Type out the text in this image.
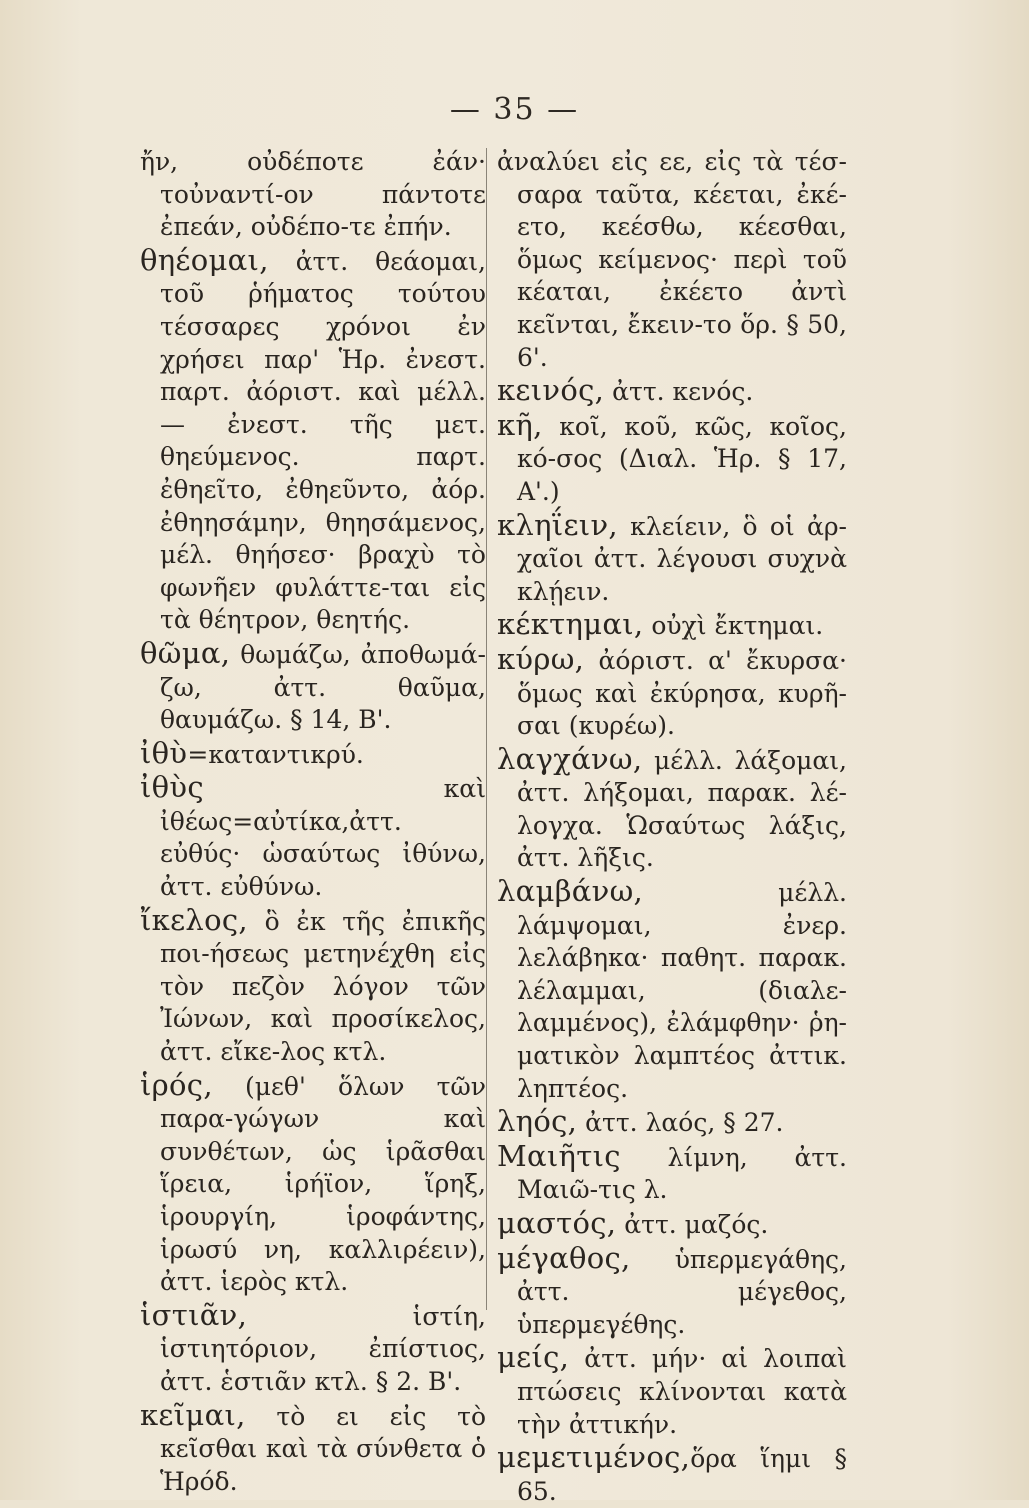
— 35 —

ἤν, οὐδέποτε ἐάν· τοὐναντί-ον πάντοτε ἐπεάν, οὐδέπο-τε ἐπήν.

θηέομαι, ἀττ. θεάομαι, τοῦ ῥήματος τούτου τέσσαρες χρόνοι ἐν χρήσει παρ' Ἡρ. ἐνεστ. παρτ. ἀόριστ. καὶ μέλλ. — ἐνεστ. τῆς μετ. θηεύμενος. παρτ. ἐθηεῖτο, ἐθηεῦντο, ἀόρ. ἐθηησάμην, θηησάμενος, μέλ. θηήσεσ· βραχὺ τὸ φωνῆεν φυλάττε-ται εἰς τὰ θέητρον, θεητής.

θῶμα, θωμάζω, ἀποθωμά-ζω, ἀττ. θαῦμα, θαυμάζω. § 14, Β'.

ἰθὺ=καταντικρύ.

ἰθὺς καὶ ἰθέως=αὐτίκα,ἀττ. εὐθύς· ὡσαύτως ἰθύνω, ἀττ. εὐθύνω.

ἴκελος, ὃ ἐκ τῆς ἐπικῆς ποι-ήσεως μετηνέχθη εἰς τὸν πεζὸν λόγον τῶν Ἰώνων, καὶ προσίκελος, ἀττ. εἴκε-λος κτλ.

ἱρός, (μεθ' ὅλων τῶν παρα-γώγων καὶ συνθέτων, ὡς ἱρᾶσθαι ἵρεια, ἱρήϊον, ἵρηξ, ἱρουργίη, ἱροφάντης, ἱρωσύ νη, καλλιρέειν), ἀττ. ἱερὸς κτλ.

ἱστιᾶν, ἱστίη, ἱστιητόριον, ἐπίστιος, ἀττ. ἑστιᾶν κτλ. § 2. Β'.

κεῖμαι, τὸ ει εἰς τὸ κεῖσθαι καὶ τὰ σύνθετα ὁ Ἡρόδ.

ἀναλύει εἰς εε, εἰς τὰ τέσ-σαρα ταῦτα, κέεται, ἐκέ-ετο, κεέσθω, κέεσθαι, ὅμως κείμενος· περὶ τοῦ κέαται, ἐκέετο ἀντὶ κεῖνται, ἔκειν-το ὅρ. § 50, 6'.

κεινός, ἀττ. κενός.

κῆ, κοῖ, κοῦ, κῶς, κοῖος, κό-σος (Διαλ. Ἡρ. § 17, Α'.)

κληΐειν, κλείειν, ὃ οἱ ἀρ-χαῖοι ἀττ. λέγουσι συχνὰ κλῄειν.

κέκτημαι, οὐχὶ ἔκτημαι.

κύρω, ἀόριστ. α' ἔκυρσα· ὅμως καὶ ἐκύρησα, κυρῆ-σαι (κυρέω).

λαγχάνω, μέλλ. λάξομαι, ἀττ. λήξομαι, παρακ. λέ-λογχα. Ὡσαύτως λάξις, ἀττ. λῆξις.

λαμβάνω, μέλλ. λάμψομαι, ἐνερ. λελάβηκα· παθητ. παρακ. λέλαμμαι, (διαλε-λαμμένος), ἐλάμφθην· ῥη-ματικὸν λαμπτέος ἀττικ. ληπτέος.

ληός, ἀττ. λαός, § 27.

Μαιῆτις λίμνη, ἀττ. Μαιῶ-τις λ.

μαστός, ἀττ. μαζός.

μέγαθος, ὑπερμεγάθης, ἀττ. μέγεθος, ὑπερμεγέθης.

μείς, ἀττ. μήν· αἱ λοιπαὶ πτώσεις κλίνονται κατὰ τὴν ἀττικήν.

μεμετιμένος,ὅρα ἵημι § 65.
